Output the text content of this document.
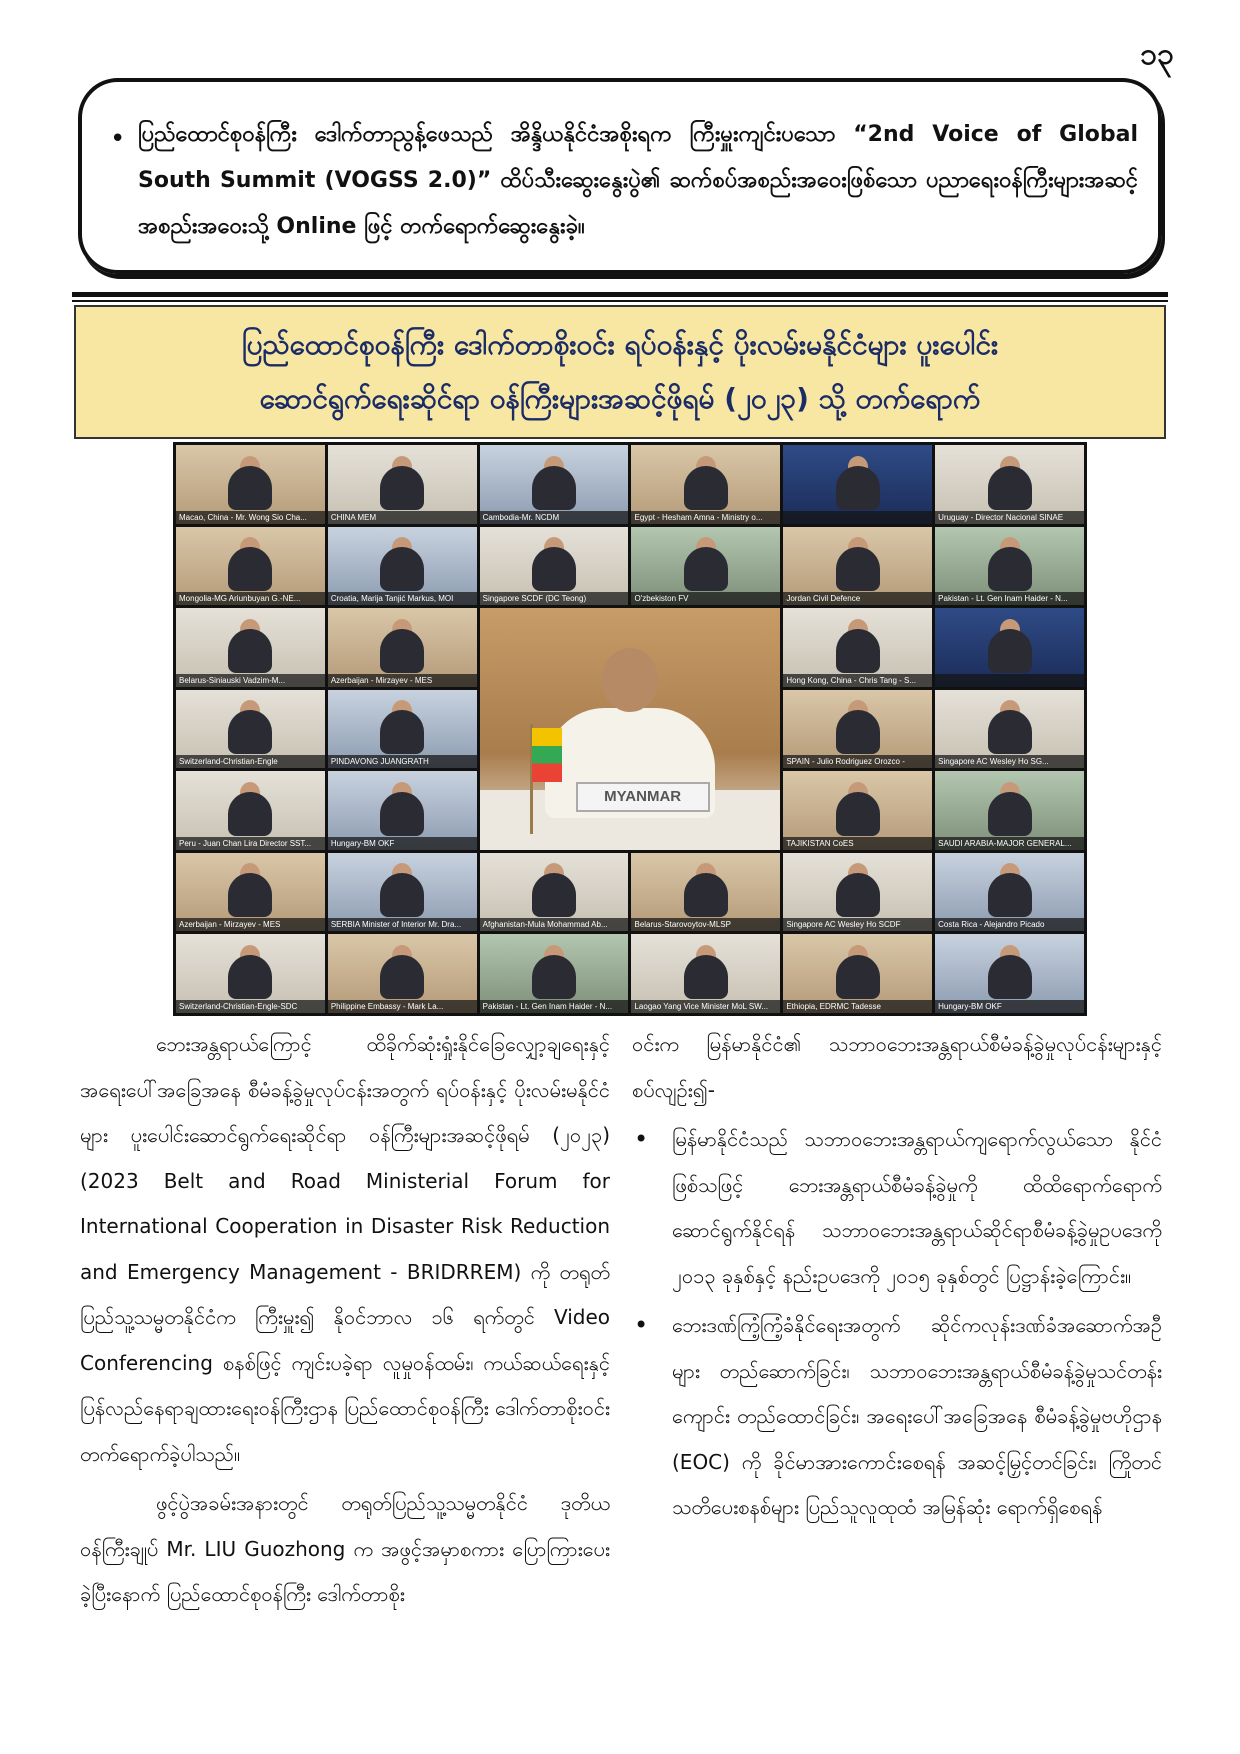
၁၃
• ပြည်ထောင်စုဝန်ကြီး ဒေါက်တာညွန့်ဖေသည် အိန္ဒိယနိုင်ငံအစိုးရက ကြီးမှူးကျင်းပသော “2nd Voice of Global South Summit (VOGSS 2.0)” ထိပ်သီးဆွေးနွေးပွဲ၏ ဆက်စပ်အစည်းအဝေးဖြစ်သော ပညာရေးဝန်ကြီးများအဆင့် အစည်းအဝေးသို့ Online ဖြင့် တက်ရောက်ဆွေးနွေးခဲ့။
ပြည်ထောင်စုဝန်ကြီး ဒေါက်တာစိုးဝင်း ရပ်ဝန်းနှင့် ပိုးလမ်းမနိုင်ငံများ ပူးပေါင်း
ဆောင်ရွက်ရေးဆိုင်ရာ ဝန်ကြီးများအဆင့်ဖိုရမ် (၂၀၂၃) သို့ တက်ရောက်
Macao, China - Mr. Wong Sio Cha...	CHINA MEM	Cambodia-Mr. NCDM	Egypt - Hesham Amna - Ministry o...	Uruguay - Director Nacional SINAE
Mongolia-MG Ariunbuyan G.-NE...	Croatia, Marija Tanjić Markus, MOI	Singapore SCDF (DC Teong)	O'zbekiston FV	Jordan Civil Defence	Pakistan - Lt. Gen Inam Haider - N...
Belarus-Siniauski Vadzim-M...	Azerbaijan - Mirzayev - MES
MYANMAR
Hong Kong, China - Chris Tang - S...
Switzerland-Christian-Engle	PINDAVONG JUANGRATH	SPAIN - Julio Rodriguez Orozco -	Singapore AC Wesley Ho SG...
Peru - Juan Chan Lira Director SST...	Hungary-BM OKF	TAJIKISTAN CoES	SAUDI ARABIA-MAJOR GENERAL...
Azerbaijan - Mirzayev - MES	SERBIA Minister of Interior Mr. Dra...	Afghanistan-Mula Mohammad Ab...	Belarus-Starovoytov-MLSP	Singapore AC Wesley Ho SCDF	Costa Rica - Alejandro Picado
Switzerland-Christian-Engle-SDC	Philippine Embassy - Mark La...	Pakistan - Lt. Gen Inam Haider - N...	Laogao Yang Vice Minister MoL SW...	Ethiopia, EDRMC Tadesse	Hungary-BM OKF

ဘေးအန္တရာယ်ကြောင့် ထိခိုက်ဆုံးရှုံးနိုင်ခြေလျှော့ချရေးနှင့် အရေးပေါ်အခြေအနေ စီမံခန့်ခွဲမှုလုပ်ငန်းအတွက် ရပ်ဝန်းနှင့် ပိုးလမ်းမနိုင်ငံများ ပူးပေါင်းဆောင်ရွက်ရေးဆိုင်ရာ ဝန်ကြီးများအဆင့်ဖိုရမ် (၂၀၂၃) (2023 Belt and Road Ministerial Forum for International Cooperation in Disaster Risk Reduction and Emergency Management - BRIDRREM) ကို တရုတ်ပြည်သူ့သမ္မတနိုင်ငံက ကြီးမှူး၍ နိုဝင်ဘာလ ၁၆ ရက်တွင် Video Conferencing စနစ်ဖြင့် ကျင်းပခဲ့ရာ လူမှုဝန်ထမ်း၊ ကယ်ဆယ်ရေးနှင့် ပြန်လည်နေရာချထားရေးဝန်ကြီးဌာန ပြည်ထောင်စုဝန်ကြီး ဒေါက်တာစိုးဝင်း တက်ရောက်ခဲ့ပါသည်။

ဖွင့်ပွဲအခမ်းအနားတွင် တရုတ်ပြည်သူ့သမ္မတနိုင်ငံ ဒုတိယဝန်ကြီးချုပ် Mr. LIU Guozhong က အဖွင့်အမှာစကား ပြောကြားပေးခဲ့ပြီးနောက် ပြည်ထောင်စုဝန်ကြီး ဒေါက်တာစိုး

ဝင်းက မြန်မာနိုင်ငံ၏ သဘာဝဘေးအန္တရာယ်စီမံခန့်ခွဲမှုလုပ်ငန်းများနှင့်စပ်လျဉ်း၍-

• မြန်မာနိုင်ငံသည် သဘာဝဘေးအန္တရာယ်ကျရောက်လွယ်သော နိုင်ငံဖြစ်သဖြင့် ဘေးအန္တရာယ်စီမံခန့်ခွဲမှုကို ထိထိရောက်ရောက်ဆောင်ရွက်နိုင်ရန် သဘာဝဘေးအန္တရာယ်ဆိုင်ရာစီမံခန့်ခွဲမှုဥပဒေကို ၂၀၁၃ ခုနှစ်နှင့် နည်းဥပဒေကို ၂၀၁၅ ခုနှစ်တွင် ပြဋ္ဌာန်းခဲ့ကြောင်း။
• ဘေးဒဏ်ကြံ့ကြံ့ခံနိုင်ရေးအတွက် ဆိုင်ကလုန်းဒဏ်ခံအဆောက်အဦများ တည်ဆောက်ခြင်း၊ သဘာဝဘေးအန္တရာယ်စီမံခန့်ခွဲမှုသင်တန်းကျောင်း တည်ထောင်ခြင်း၊ အရေးပေါ်အခြေအနေ စီမံခန့်ခွဲမှုဗဟိုဌာန (EOC) ကို ခိုင်မာအားကောင်းစေရန် အဆင့်မြှင့်တင်ခြင်း၊ ကြိုတင်သတိပေးစနစ်များ ပြည်သူလူထုထံ အမြန်ဆုံး ရောက်ရှိစေရန်
